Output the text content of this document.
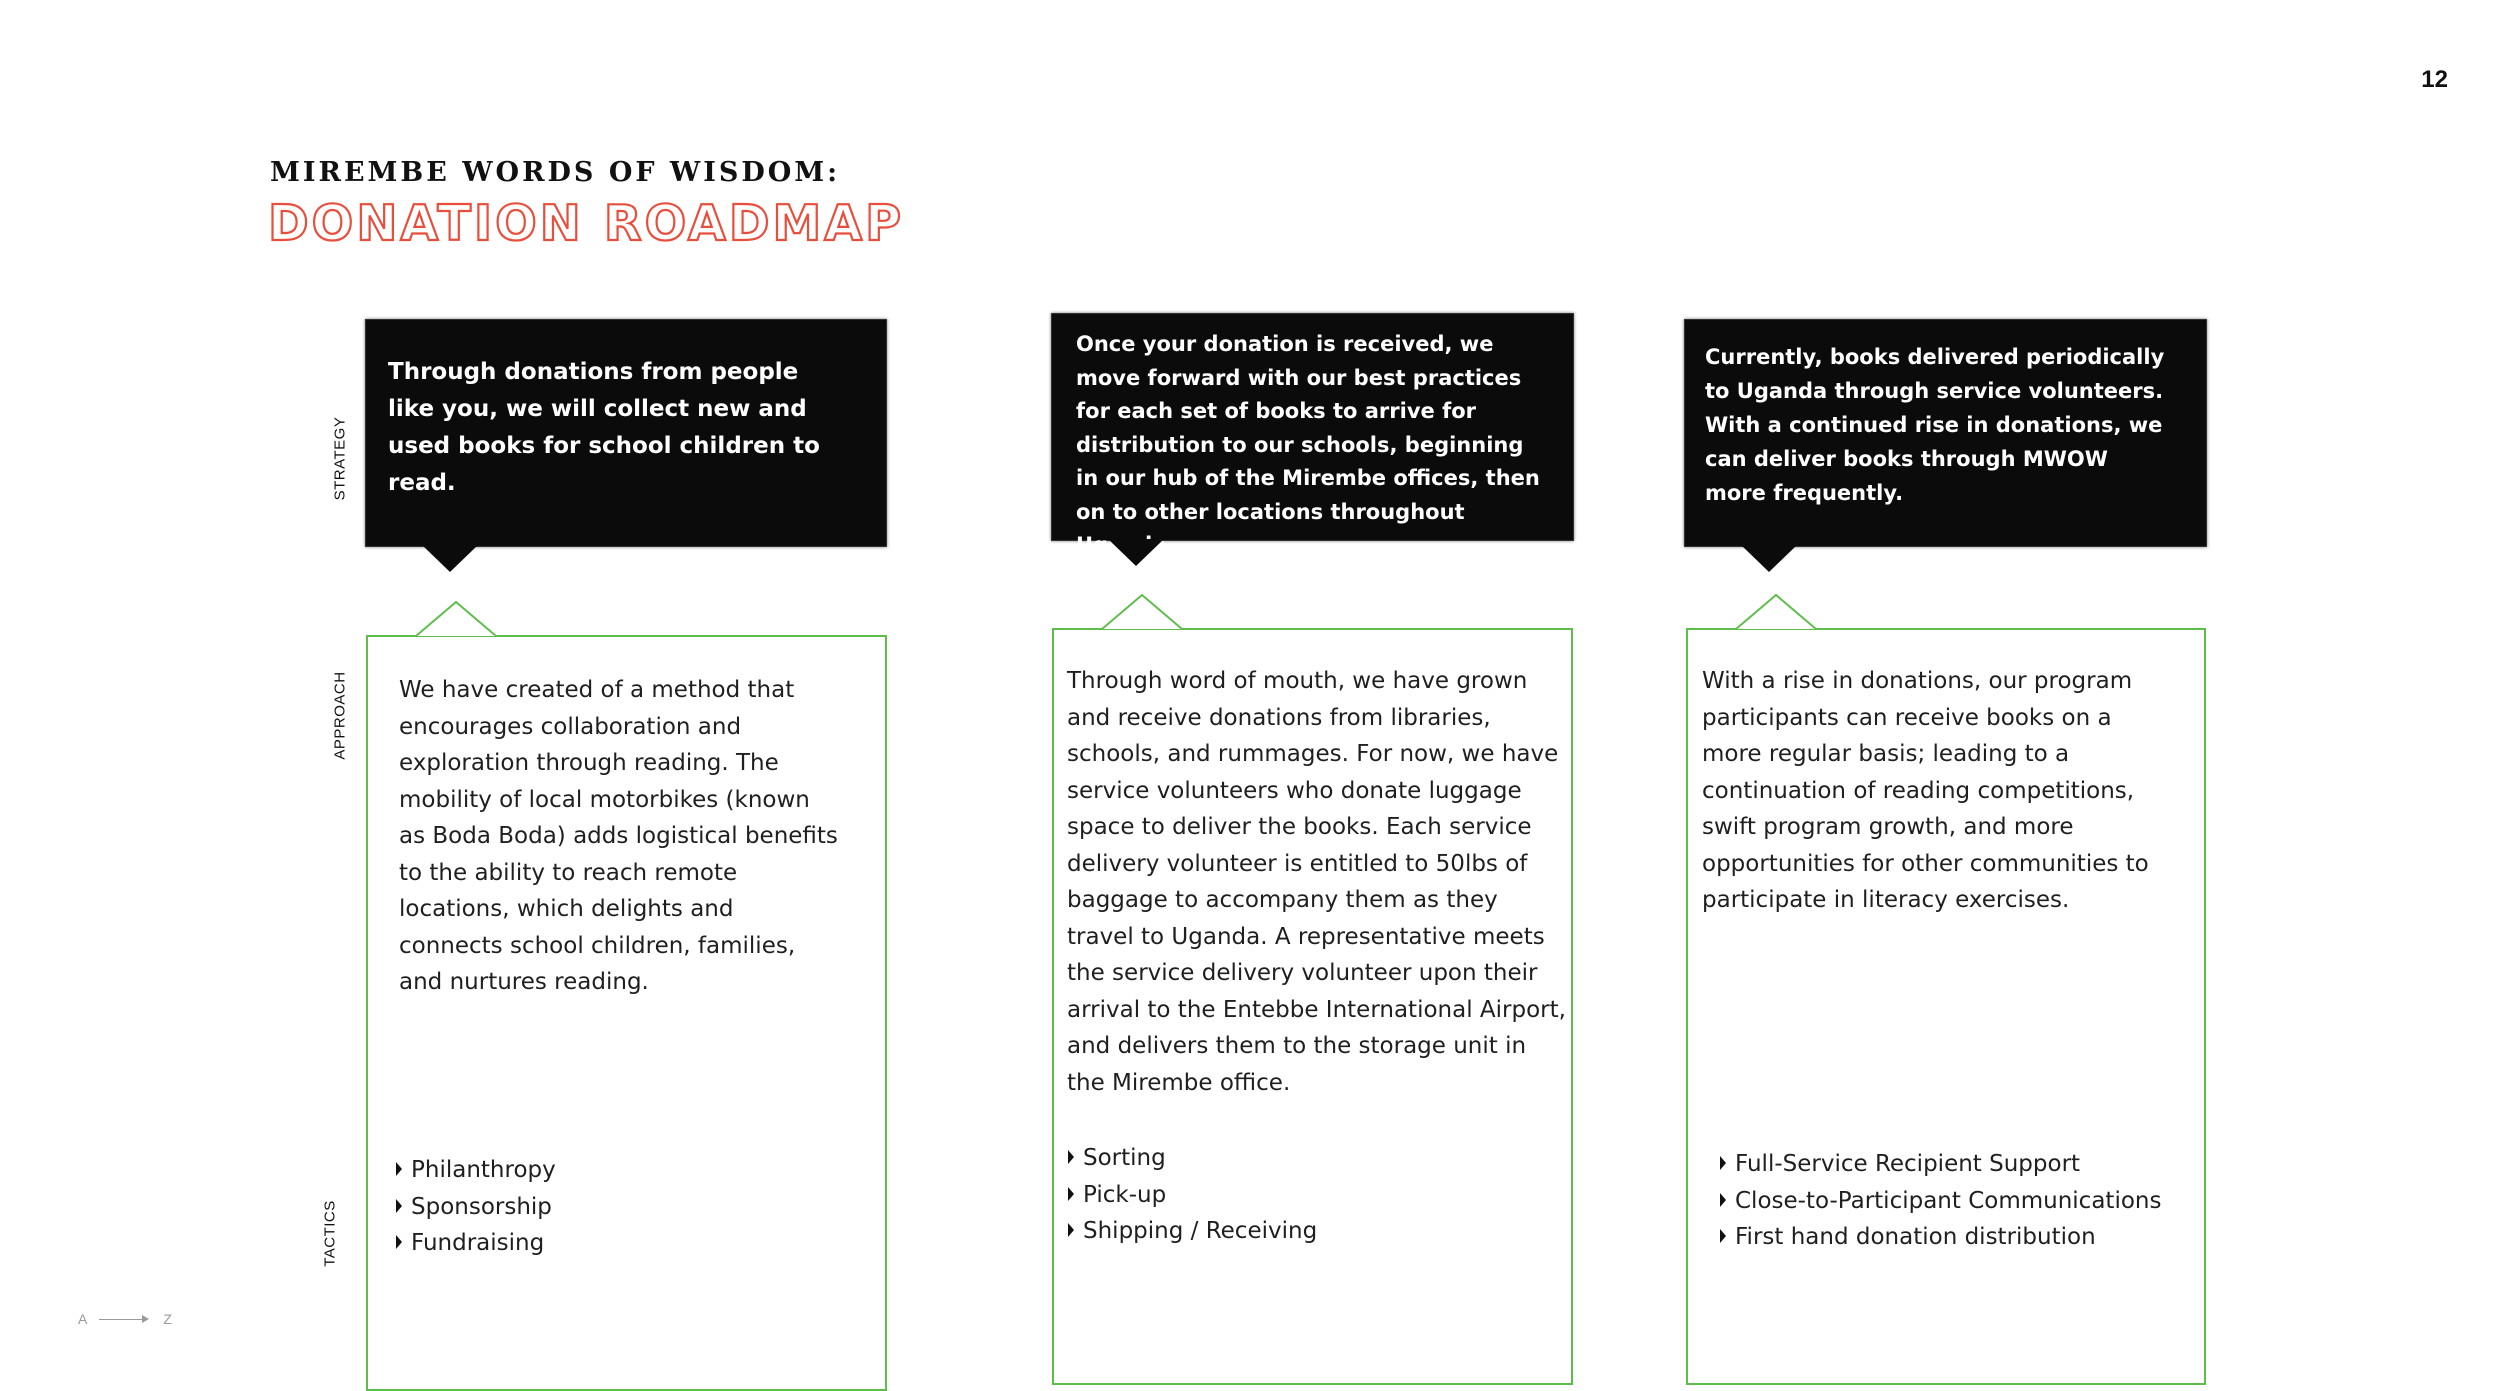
12
MIREMBE WORDS OF WISDOM:
DONATION ROADMAP
STRATEGY
APPROACH
TACTICS
Through donations from people like you, we will collect new and used books for school children to read.
We have created of a method that encourages collaboration and exploration through reading. The mobility of local motorbikes (known as Boda Boda) adds logistical benefits to the ability to reach remote locations, which delights and connects school children, families, and nurtures reading.
Philanthropy
Sponsorship
Fundraising
Once your donation is received, we move forward with our best practices for each set of books to arrive for distribution to our schools, beginning in our hub of the Mirembe offices, then on to other locations throughout Uganda.
Through word of mouth, we have grown and receive donations from libraries, schools, and rummages. For now, we have service volunteers who donate luggage space to deliver the books. Each service delivery volunteer is entitled to 50lbs of baggage to accompany them as they travel to Uganda. A representative meets the service delivery volunteer upon their arrival to the Entebbe International Airport, and delivers them to the storage unit in the Mirembe office.
Sorting
Pick-up
Shipping / Receiving
Currently, books delivered periodically to Uganda through service volunteers. With a continued rise in donations, we can deliver books through MWOW more frequently.
With a rise in donations, our program participants can receive books on a more regular basis; leading to a continuation of reading competitions, swift program growth, and more opportunities for other communities to participate in literacy exercises.
Full-Service Recipient Support
Close-to-Participant Communications
First hand donation distribution
A	Z
